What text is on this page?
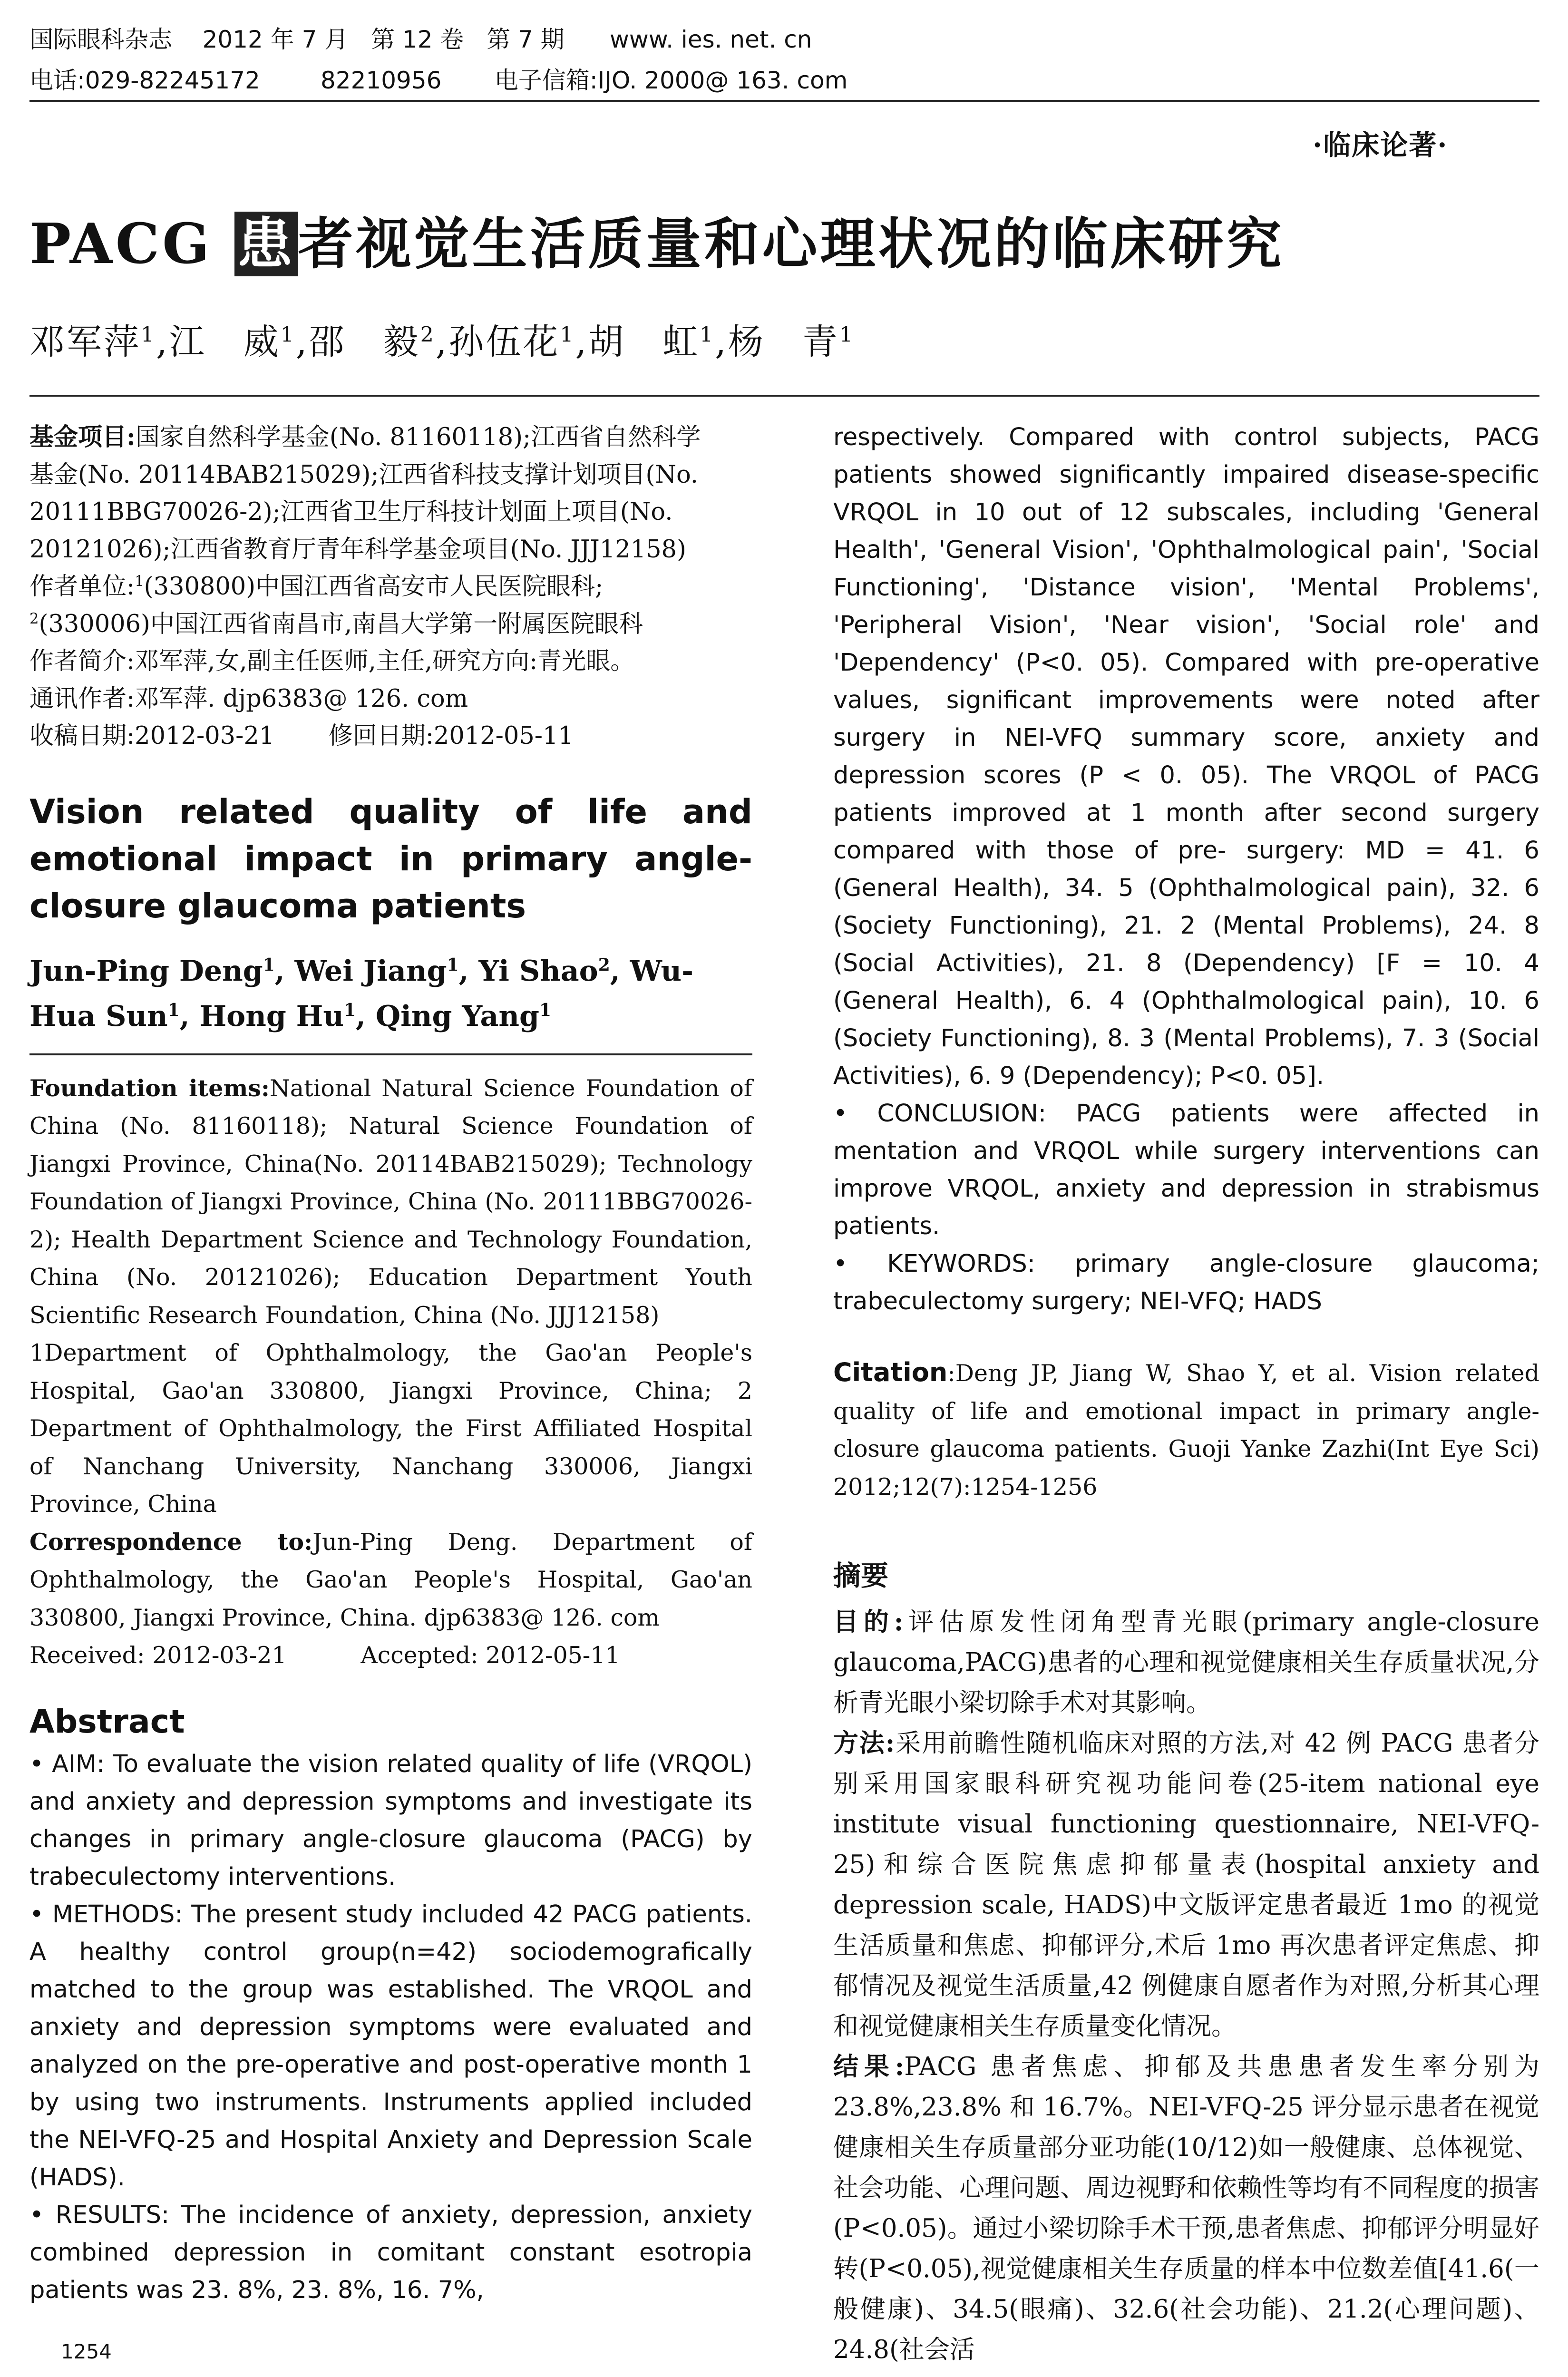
国际眼科杂志    2012 年 7 月   第 12 卷   第 7 期      www. ies. net. cn
电话:029-82245172        82210956       电子信箱:IJO. 2000@ 163. com
·临床论著·
PACG 患者视觉生活质量和心理状况的临床研究
邓军萍$^1$,江　威$^1$,邵　毅$^2$,孙伍花$^1$,胡　虹$^1$,杨　青$^1$

基金项目:国家自然科学基金(No. 81160118);江西省自然科学

基金(No. 20114BAB215029);江西省科技支撑计划项目(No.

20111BBG70026-2);江西省卫生厅科技计划面上项目(No.

20121026);江西省教育厅青年科学基金项目(No. JJJ12158)

作者单位:$^1$(330800)中国江西省高安市人民医院眼科;

$^2$(330006)中国江西省南昌市,南昌大学第一附属医院眼科

作者简介:邓军萍,女,副主任医师,主任,研究方向:青光眼。

通讯作者:邓军萍. djp6383@ 126. com

收稿日期:2012-03-21       修回日期:2012-05-11

Vision related quality of life and emotional impact in primary angle-closure glaucoma patients
Jun-Ping Deng$^1$, Wei Jiang$^1$, Yi Shao$^2$, Wu-Hua Sun$^1$, Hong Hu$^1$, Qing Yang$^1$

Foundation items:National Natural Science Foundation of China (No. 81160118); Natural Science Foundation of Jiangxi Province, China(No. 20114BAB215029); Technology Foundation of Jiangxi Province, China (No. 20111BBG70026-2); Health Department Science and Technology Foundation, China (No. 20121026); Education Department Youth Scientific Research Foundation, China (No. JJJ12158)

1Department of Ophthalmology, the Gao'an People's Hospital, Gao'an 330800, Jiangxi Province, China; 2 Department of Ophthalmology, the First Affiliated Hospital of Nanchang University, Nanchang 330006, Jiangxi Province, China

Correspondence to:Jun-Ping Deng. Department of Ophthalmology, the Gao'an People's Hospital, Gao'an 330800, Jiangxi Province, China. djp6383@ 126. com

Received: 2012-03-21          Accepted: 2012-05-11

Abstract

• AIM: To evaluate the vision related quality of life (VRQOL) and anxiety and depression symptoms and investigate its changes in primary angle-closure glaucoma (PACG) by trabeculectomy interventions.

• METHODS: The present study included 42 PACG patients. A healthy control group(n=42) sociodemografically matched to the group was established. The VRQOL and anxiety and depression symptoms were evaluated and analyzed on the pre-operative and post-operative month 1 by using two instruments. Instruments applied included the NEI-VFQ-25 and Hospital Anxiety and Depression Scale (HADS).

• RESULTS: The incidence of anxiety, depression, anxiety combined depression in comitant constant esotropia patients was 23. 8%, 23. 8%, 16. 7%,

1254

respectively. Compared with control subjects, PACG patients showed significantly impaired disease-specific VRQOL in 10 out of 12 subscales, including 'General Health', 'General Vision', 'Ophthalmological pain', 'Social Functioning', 'Distance vision', 'Mental Problems', 'Peripheral Vision', 'Near vision', 'Social role' and 'Dependency' (P<0. 05). Compared with pre-operative values, significant improvements were noted after surgery in NEI-VFQ summary score, anxiety and depression scores (P < 0. 05). The VRQOL of PACG patients improved at 1 month after second surgery compared with those of pre- surgery: MD = 41. 6 (General Health), 34. 5 (Ophthalmological pain), 32. 6 (Society Functioning), 21. 2 (Mental Problems), 24. 8 (Social Activities), 21. 8 (Dependency) [F = 10. 4 (General Health), 6. 4 (Ophthalmological pain), 10. 6 (Society Functioning), 8. 3 (Mental Problems), 7. 3 (Social Activities), 6. 9 (Dependency); P<0. 05].

• CONCLUSION: PACG patients were affected in mentation and VRQOL while surgery interventions can improve VRQOL, anxiety and depression in strabismus patients.

• KEYWORDS: primary angle-closure glaucoma; trabeculectomy surgery; NEI-VFQ; HADS

Citation:Deng JP, Jiang W, Shao Y, et al. Vision related quality of life and emotional impact in primary angle-closure glaucoma patients. Guoji Yanke Zazhi(Int Eye Sci) 2012;12(7):1254-1256
摘要

目的:评估原发性闭角型青光眼(primary angle-closure glaucoma,PACG)患者的心理和视觉健康相关生存质量状况,分析青光眼小梁切除手术对其影响。

方法:采用前瞻性随机临床对照的方法,对 42 例 PACG 患者分别采用国家眼科研究视功能问卷(25-item national eye institute visual functioning questionnaire, NEI-VFQ-25)和综合医院焦虑抑郁量表(hospital anxiety and depression scale, HADS)中文版评定患者最近 1mo 的视觉生活质量和焦虑、抑郁评分,术后 1mo 再次患者评定焦虑、抑郁情况及视觉生活质量,42 例健康自愿者作为对照,分析其心理和视觉健康相关生存质量变化情况。

结果:PACG 患者焦虑、抑郁及共患患者发生率分别为 23.8%,23.8% 和 16.7%。NEI-VFQ-25 评分显示患者在视觉健康相关生存质量部分亚功能(10/12)如一般健康、总体视觉、社会功能、心理问题、周边视野和依赖性等均有不同程度的损害(P<0.05)。通过小梁切除手术干预,患者焦虑、抑郁评分明显好转(P<0.05),视觉健康相关生存质量的样本中位数差值[41.6(一般健康)、34.5(眼痛)、32.6(社会功能)、21.2(心理问题)、24.8(社会活
